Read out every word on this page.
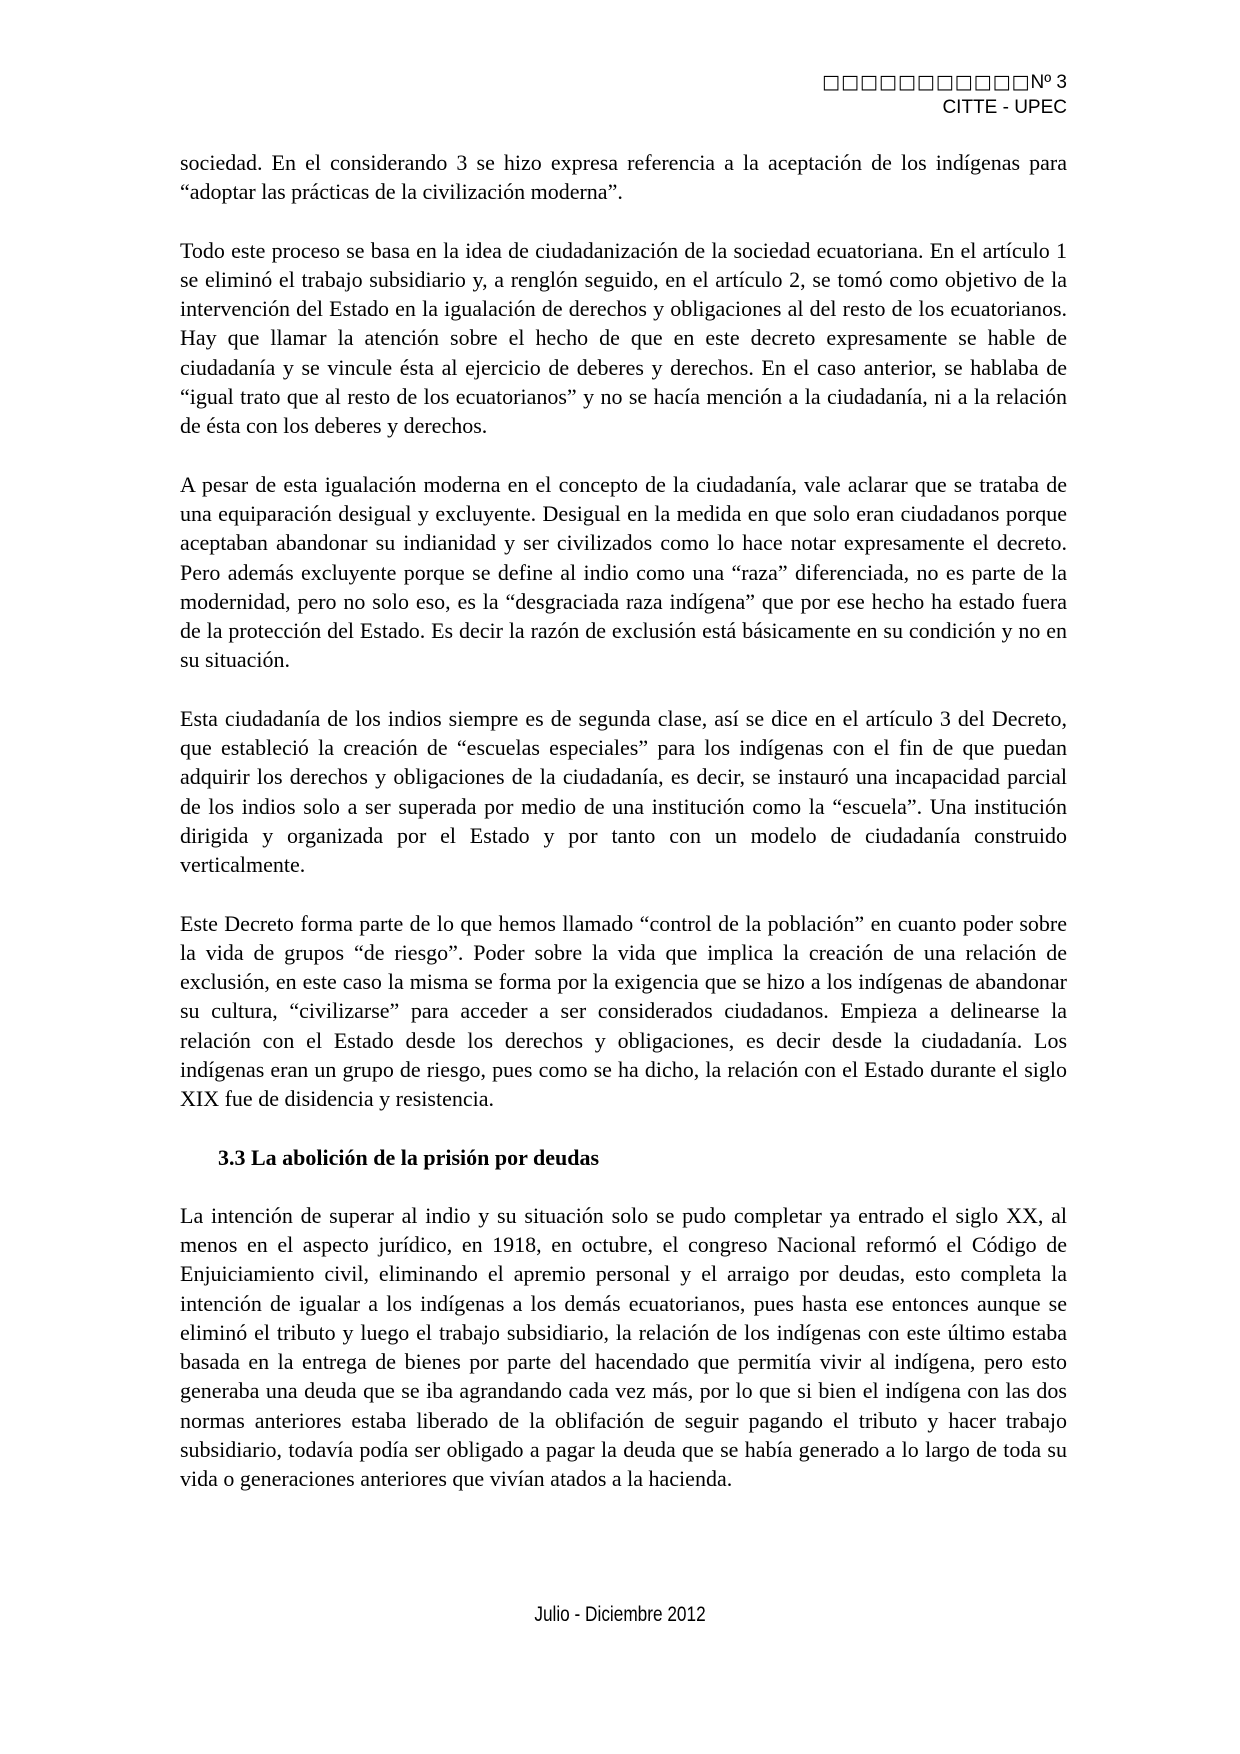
□□□□□□□□□□□Nº 3
CITTE - UPEC

sociedad. En el considerando 3 se hizo expresa referencia a la aceptación de los indígenas para “adoptar las prácticas de la civilización moderna”.

Todo este proceso se basa en la idea de ciudadanización de la sociedad ecuatoriana. En el artículo 1 se eliminó el trabajo subsidiario y, a renglón seguido, en el artículo 2, se tomó como objetivo de la intervención del Estado en la igualación de derechos y obligaciones al del resto de los ecuatorianos. Hay que llamar la atención sobre el hecho de que en este decreto expresamente se hable de ciudadanía y se vincule ésta al ejercicio de deberes y derechos. En el caso anterior, se hablaba de “igual trato que al resto de los ecuatorianos” y no se hacía mención a la ciudadanía, ni a la relación de ésta con los deberes y derechos.

A pesar de esta igualación moderna en el concepto de la ciudadanía, vale aclarar que se trataba de una equiparación desigual y excluyente. Desigual en la medida en que solo eran ciudadanos porque aceptaban abandonar su indianidad y ser civilizados como lo hace notar expresamente el decreto. Pero además excluyente porque se define al indio como una “raza” diferenciada, no es parte de la modernidad, pero no solo eso, es la “desgraciada raza indígena” que por ese hecho ha estado fuera de la protección del Estado. Es decir la razón de exclusión está básicamente en su condición y no en su situación.

Esta ciudadanía de los indios siempre es de segunda clase, así se dice en el artículo 3 del Decreto, que estableció la creación de “escuelas especiales” para los indígenas con el fin de que puedan adquirir los derechos y obligaciones de la ciudadanía, es decir, se instauró una incapacidad parcial de los indios solo a ser superada por medio de una institución como la “escuela”. Una institución dirigida y organizada por el Estado y por tanto con un modelo de ciudadanía construido verticalmente.

Este Decreto forma parte de lo que hemos llamado “control de la población” en cuanto poder sobre la vida de grupos “de riesgo”. Poder sobre la vida que implica la creación de una relación de exclusión, en este caso la misma se forma por la exigencia que se hizo a los indígenas de abandonar su cultura, “civilizarse” para acceder a ser considerados ciudadanos. Empieza a delinearse la relación con el Estado desde los derechos y obligaciones, es decir desde la ciudadanía. Los indígenas eran un grupo de riesgo, pues como se ha dicho, la relación con el Estado durante el siglo XIX fue de disidencia y resistencia.

3.3 La abolición de la prisión por deudas

La intención de superar al indio y su situación solo se pudo completar ya entrado el siglo XX, al menos en el aspecto jurídico, en 1918, en octubre, el congreso Nacional reformó el Código de Enjuiciamiento civil, eliminando el apremio personal y el arraigo por deudas, esto completa la intención de igualar a los indígenas a los demás ecuatorianos, pues hasta ese entonces aunque se eliminó el tributo y luego el trabajo subsidiario, la relación de los indígenas con este último estaba basada en la entrega de bienes por parte del hacendado que permitía vivir al indígena, pero esto generaba una deuda que se iba agrandando cada vez más, por lo que si bien el indígena con las dos normas anteriores estaba liberado de la oblifación de seguir pagando el tributo y hacer trabajo subsidiario, todavía podía ser obligado a pagar la deuda que se había generado a lo largo de toda su vida o generaciones anteriores que vivían atados a la hacienda.

Julio - Diciembre 2012
